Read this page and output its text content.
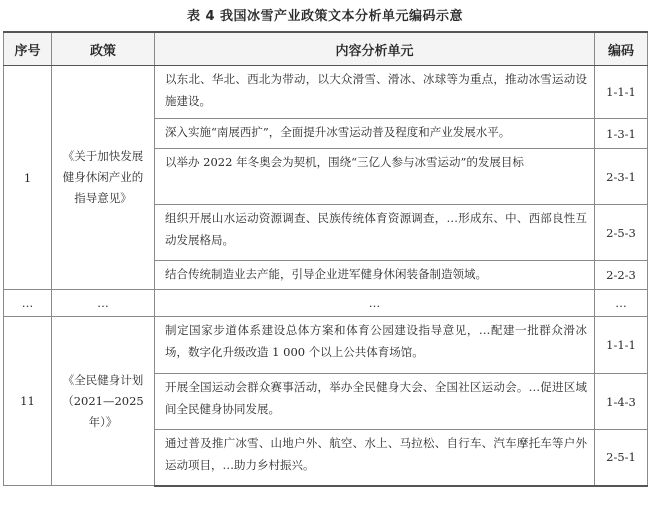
表 4 我国冰雪产业政策文本分析单元编码示意
序号	政策	内容分析单元	编码
1	《关于加快发展健身休闲产业的指导意见》	以东北、华北、西北为带动，以大众滑雪、滑冰、冰球等为重点，推动冰雪运动设施建设。	1-1-1
		深入实施“南展西扩”，全面提升冰雪运动普及程度和产业发展水平。	1-3-1
		以举办 2022 年冬奥会为契机，围绕“三亿人参与冰雪运动”的发展目标	2-3-1
		组织开展山水运动资源调查、民族传统体育资源调查，…形成东、中、西部良性互动发展格局。	2-5-3
		结合传统制造业去产能，引导企业进军健身休闲装备制造领域。	2-2-3
…	…	…	…
11	《全民健身计划（2021—2025年）》	制定国家步道体系建设总体方案和体育公园建设指导意见，…配建一批群众滑冰场，数字化升级改造 1 000 个以上公共体育场馆。	1-1-1
		开展全国运动会群众赛事活动，举办全民健身大会、全国社区运动会。…促进区域间全民健身协同发展。	1-4-3
		通过普及推广冰雪、山地户外、航空、水上、马拉松、自行车、汽车摩托车等户外运动项目，…助力乡村振兴。	2-5-1
